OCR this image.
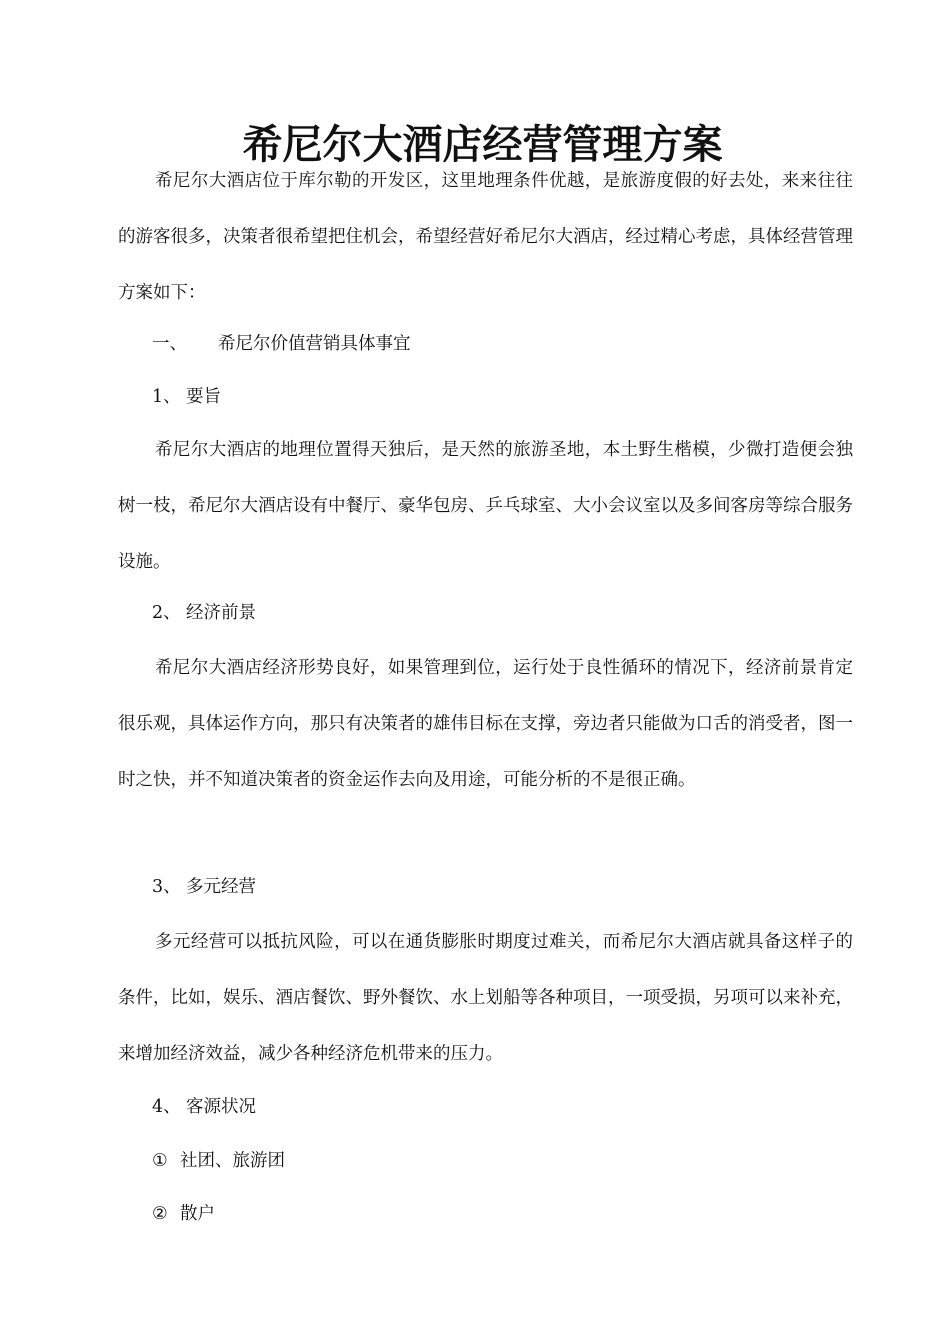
希尼尔大酒店经营管理方案

希尼尔大酒店位于库尔勒的开发区，这里地理条件优越，是旅游度假的好去处，来来往往的游客很多，决策者很希望把住机会，希望经营好希尼尔大酒店，经过精心考虑，具体经营管理方案如下：

一、 希尼尔价值营销具体事宜
1、 要旨

希尼尔大酒店的地理位置得天独后，是天然的旅游圣地，本土野生楷模，少微打造便会独树一枝，希尼尔大酒店设有中餐厅、豪华包房、乒乓球室、大小会议室以及多间客房等综合服务设施。

2、 经济前景

希尼尔大酒店经济形势良好，如果管理到位，运行处于良性循环的情况下，经济前景肯定很乐观，具体运作方向，那只有决策者的雄伟目标在支撑，旁边者只能做为口舌的消受者，图一时之快，并不知道决策者的资金运作去向及用途，可能分析的不是很正确。

3、 多元经营

多元经营可以抵抗风险，可以在通货膨胀时期度过难关，而希尼尔大酒店就具备这样子的条件，比如，娱乐、酒店餐饮、野外餐饮、水上划船等各种项目，一项受损，另项可以来补充，来增加经济效益，减少各种经济危机带来的压力。

4、 客源状况
① 社团、旅游团
② 散户
